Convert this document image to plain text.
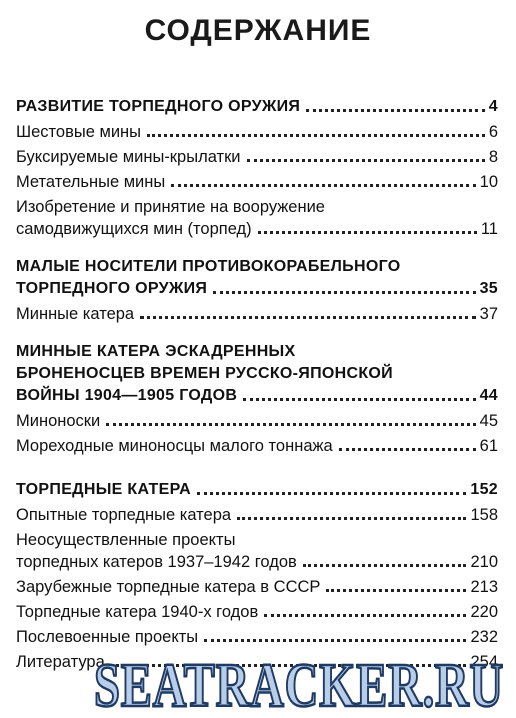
СОДЕРЖАНИЕ
РАЗВИТИЕ ТОРПЕДНОГО ОРУЖИЯ	4
Шестовые мины	6
Буксируемые мины-крылатки	8
Метательные мины	10
Изобретение и принятие на вооружение
самодвижущихся мин (торпед)	11
МАЛЫЕ НОСИТЕЛИ ПРОТИВОКОРАБЕЛЬНОГО
ТОРПЕДНОГО ОРУЖИЯ	35
Минные катера	37
МИННЫЕ КАТЕРА ЭСКАДРЕННЫХ
БРОНЕНОСЦЕВ ВРЕМЕН РУССКО-ЯПОНСКОЙ
ВОЙНЫ 1904—1905 ГОДОВ	44
Миноноски	45
Мореходные миноносцы малого тоннажа	61
ТОРПЕДНЫЕ КАТЕРА	152
Опытные торпедные катера	158
Неосуществленные проекты
торпедных катеров 1937–1942 годов	210
Зарубежные торпедные катера в СССР	213
Торпедные катера 1940-х годов	220
Послевоенные проекты	232
Литература	254
SEATRACKER.RU
